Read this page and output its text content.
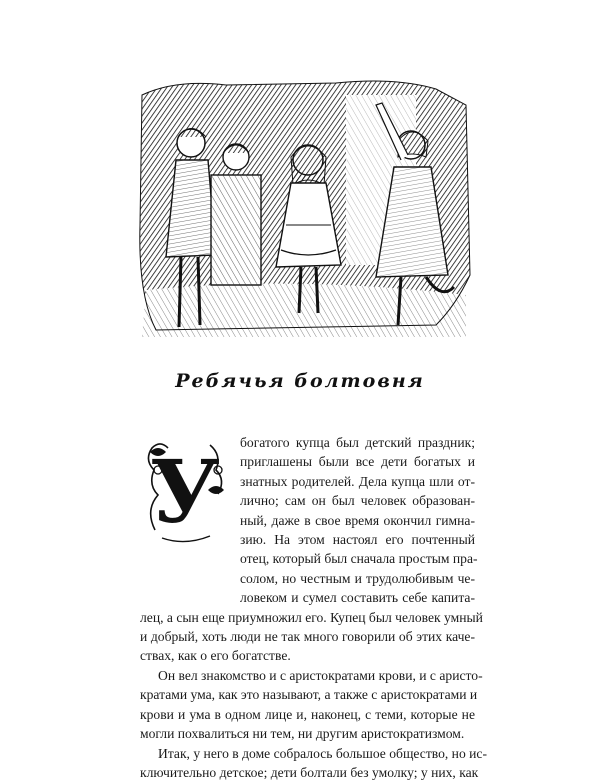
Ребячья болтовня
У	богатого купца был детский праздник;
приглашены были все дети богатых и
знатных родителей. Дела купца шли от-
лично; сам он был человек образован-
ный, даже в свое время окончил гимна-
зию. На этом настоял его почтенный
отец, который был сначала простым пра-
солом, но честным и трудолюбивым че-
ловеком и сумел составить себе капита-
лец, а сын еще приумножил его. Купец был человек умный
и добрый, хоть люди не так много говорили об этих каче-
ствах, как о его богатстве.
Он вел знакомство и с аристократами крови, и с аристо-
кратами ума, как это называют, а также с аристократами и
крови и ума в одном лице и, наконец, с теми, которые не
могли похвалиться ни тем, ни другим аристократизмом.
Итак, у него в доме собралось большое общество, но ис-
ключительно детское; дети болтали без умолку; у них, как
